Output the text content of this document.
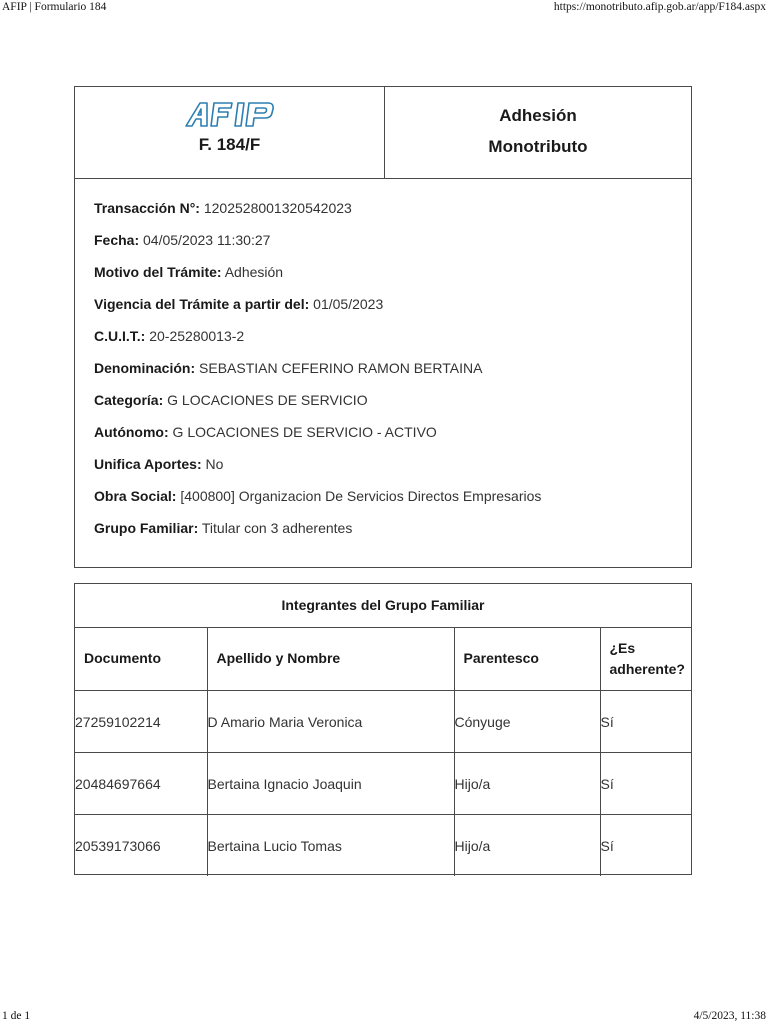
AFIP | Formulario 184	https://monotributo.afip.gob.ar/app/F184.aspx
F. 184/F
Adhesión
Monotributo
Transacción N°: 1202528001320542023
Fecha: 04/05/2023 11:30:27
Motivo del Trámite: Adhesión
Vigencia del Trámite a partir del: 01/05/2023
C.U.I.T.: 20-25280013-2
Denominación: SEBASTIAN CEFERINO RAMON BERTAINA
Categoría: G LOCACIONES DE SERVICIO
Autónomo: G LOCACIONES DE SERVICIO - ACTIVO
Unifica Aportes: No
Obra Social: [400800] Organizacion De Servicios Directos Empresarios
Grupo Familiar: Titular con 3 adherentes
Integrantes del Grupo Familiar
Documento	Apellido y Nombre	Parentesco	¿Es adherente?
27259102214	D Amario Maria Veronica	Cónyuge	Sí
20484697664	Bertaina Ignacio Joaquin	Hijo/a	Sí
20539173066	Bertaina Lucio Tomas	Hijo/a	Sí
1 de 1	4/5/2023, 11:38
